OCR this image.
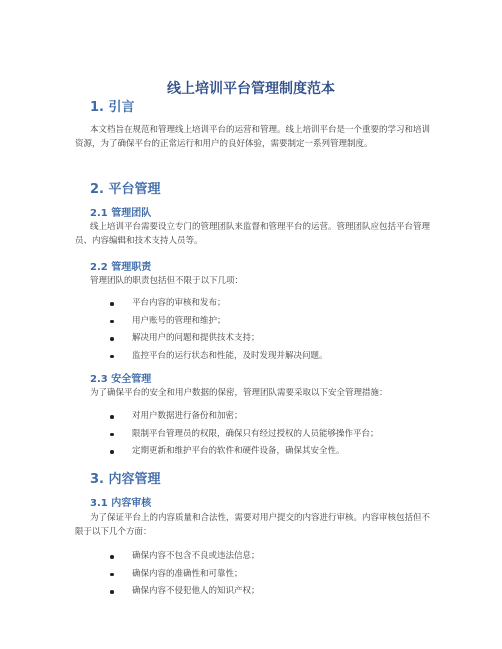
线上培训平台管理制度范本
1. 引言

本文档旨在规范和管理线上培训平台的运营和管理。线上培训平台是一个重要的学习和培训资源，为了确保平台的正常运行和用户的良好体验，需要制定一系列管理制度。

2. 平台管理
2.1 管理团队

线上培训平台需要设立专门的管理团队来监督和管理平台的运营。管理团队应包括平台管理员、内容编辑和技术支持人员等。

2.2 管理职责

管理团队的职责包括但不限于以下几项：

平台内容的审核和发布；
用户账号的管理和维护；
解决用户的问题和提供技术支持；
监控平台的运行状态和性能，及时发现并解决问题。
2.3 安全管理

为了确保平台的安全和用户数据的保密，管理团队需要采取以下安全管理措施：

对用户数据进行备份和加密；
限制平台管理员的权限，确保只有经过授权的人员能够操作平台；
定期更新和维护平台的软件和硬件设备，确保其安全性。
3. 内容管理
3.1 内容审核

为了保证平台上的内容质量和合法性，需要对用户提交的内容进行审核。内容审核包括但不限于以下几个方面：

确保内容不包含不良或违法信息；
确保内容的准确性和可靠性；
确保内容不侵犯他人的知识产权；
